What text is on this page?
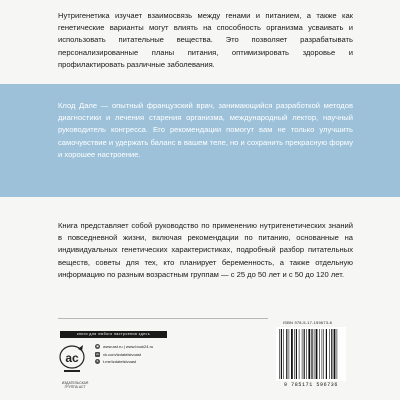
Нутригенетика изучает взаимосвязь между генами и питанием, а также как генетические варианты могут влиять на способность организма усваивать и использовать питательные вещества. Это позволяет разрабатывать персонализированные планы питания, оптимизировать здоровье и профилактировать различные заболевания.

Клод Дале — опытный французский врач, занимающийся разработкой методов диагностики и лечения старения организма, международный лектор, научный руководитель конгресса. Его рекомендации помогут вам не только улучшить самочувствие и удержать баланс в вашем теле, но и сохранить прекрасную форму и хорошее настроение.

Книга представляет собой руководство по применению нутригенетических знаний в повседневной жизни, включая рекомендации по питанию, основанные на индивидуальных генетических характеристиках, подробный разбор питательных веществ, советы для тех, кто планирует беременность, а также отдельную информацию по разным возрастным группам — с 25 до 50 лет и с 50 до 120 лет.

книги для любого настроения здесь
ас
ИЗДАТЕЛЬСКАЯ ГРУППА АСТ
◉ www.ast.ru | www.book24.ru
vk vk.com/izdatelstvoast
➤	t.me/izdatelstvoast
ISBN 978-5-17-159673-6
9 785171 596736
